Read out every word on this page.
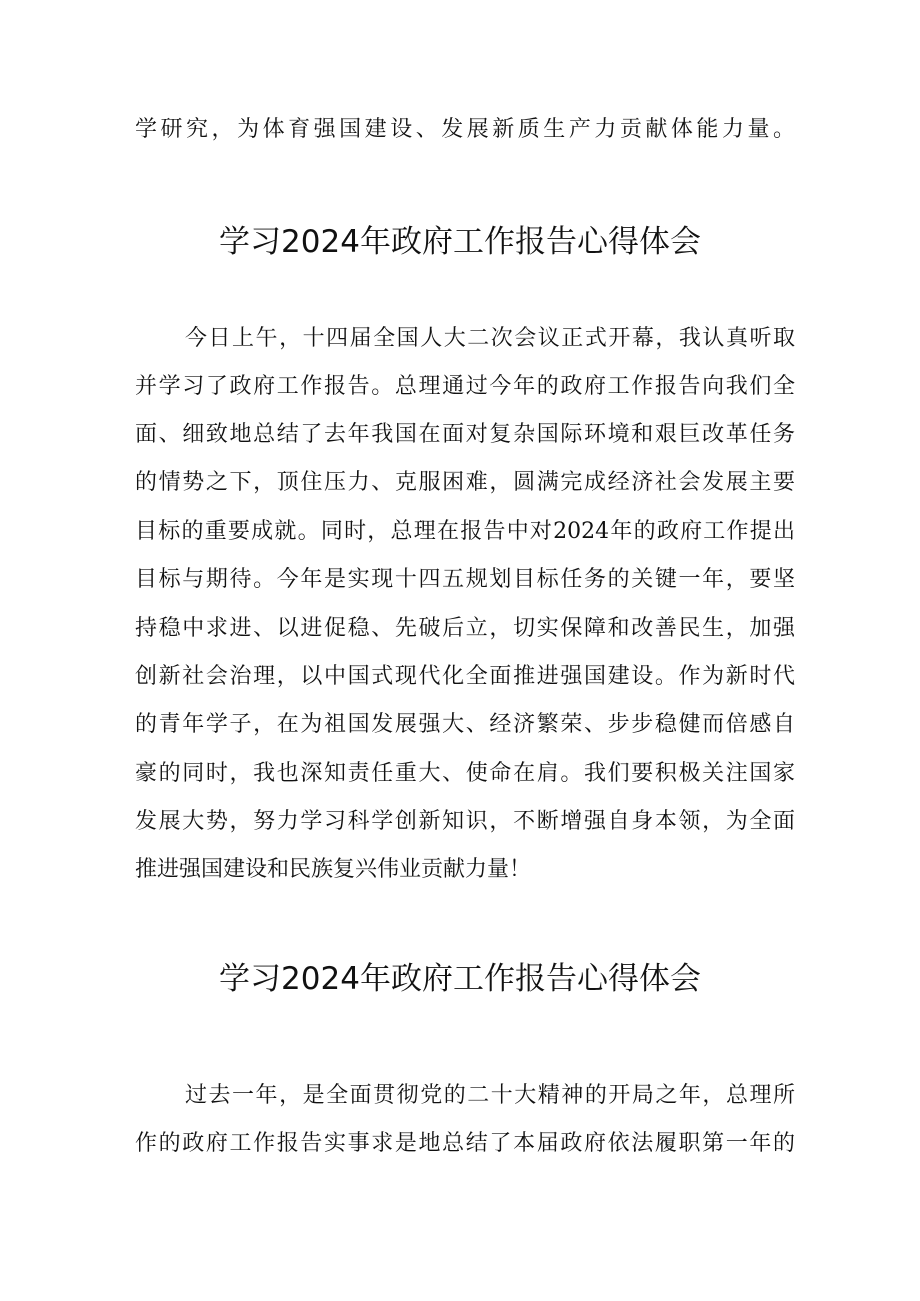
学研究，为体育强国建设、发展新质生产力贡献体能力量。
学习2024年政府工作报告心得体会
今日上午，十四届全国人大二次会议正式开幕，我认真听取
并学习了政府工作报告。总理通过今年的政府工作报告向我们全
面、细致地总结了去年我国在面对复杂国际环境和艰巨改革任务
的情势之下，顶住压力、克服困难，圆满完成经济社会发展主要
目标的重要成就。同时，总理在报告中对2024年的政府工作提出
目标与期待。今年是实现十四五规划目标任务的关键一年，要坚
持稳中求进、以进促稳、先破后立，切实保障和改善民生，加强
创新社会治理，以中国式现代化全面推进强国建设。作为新时代
的青年学子，在为祖国发展强大、经济繁荣、步步稳健而倍感自
豪的同时，我也深知责任重大、使命在肩。我们要积极关注国家
发展大势，努力学习科学创新知识，不断增强自身本领，为全面
推进强国建设和民族复兴伟业贡献力量！
学习2024年政府工作报告心得体会
过去一年，是全面贯彻党的二十大精神的开局之年，总理所
作的政府工作报告实事求是地总结了本届政府依法履职第一年的
